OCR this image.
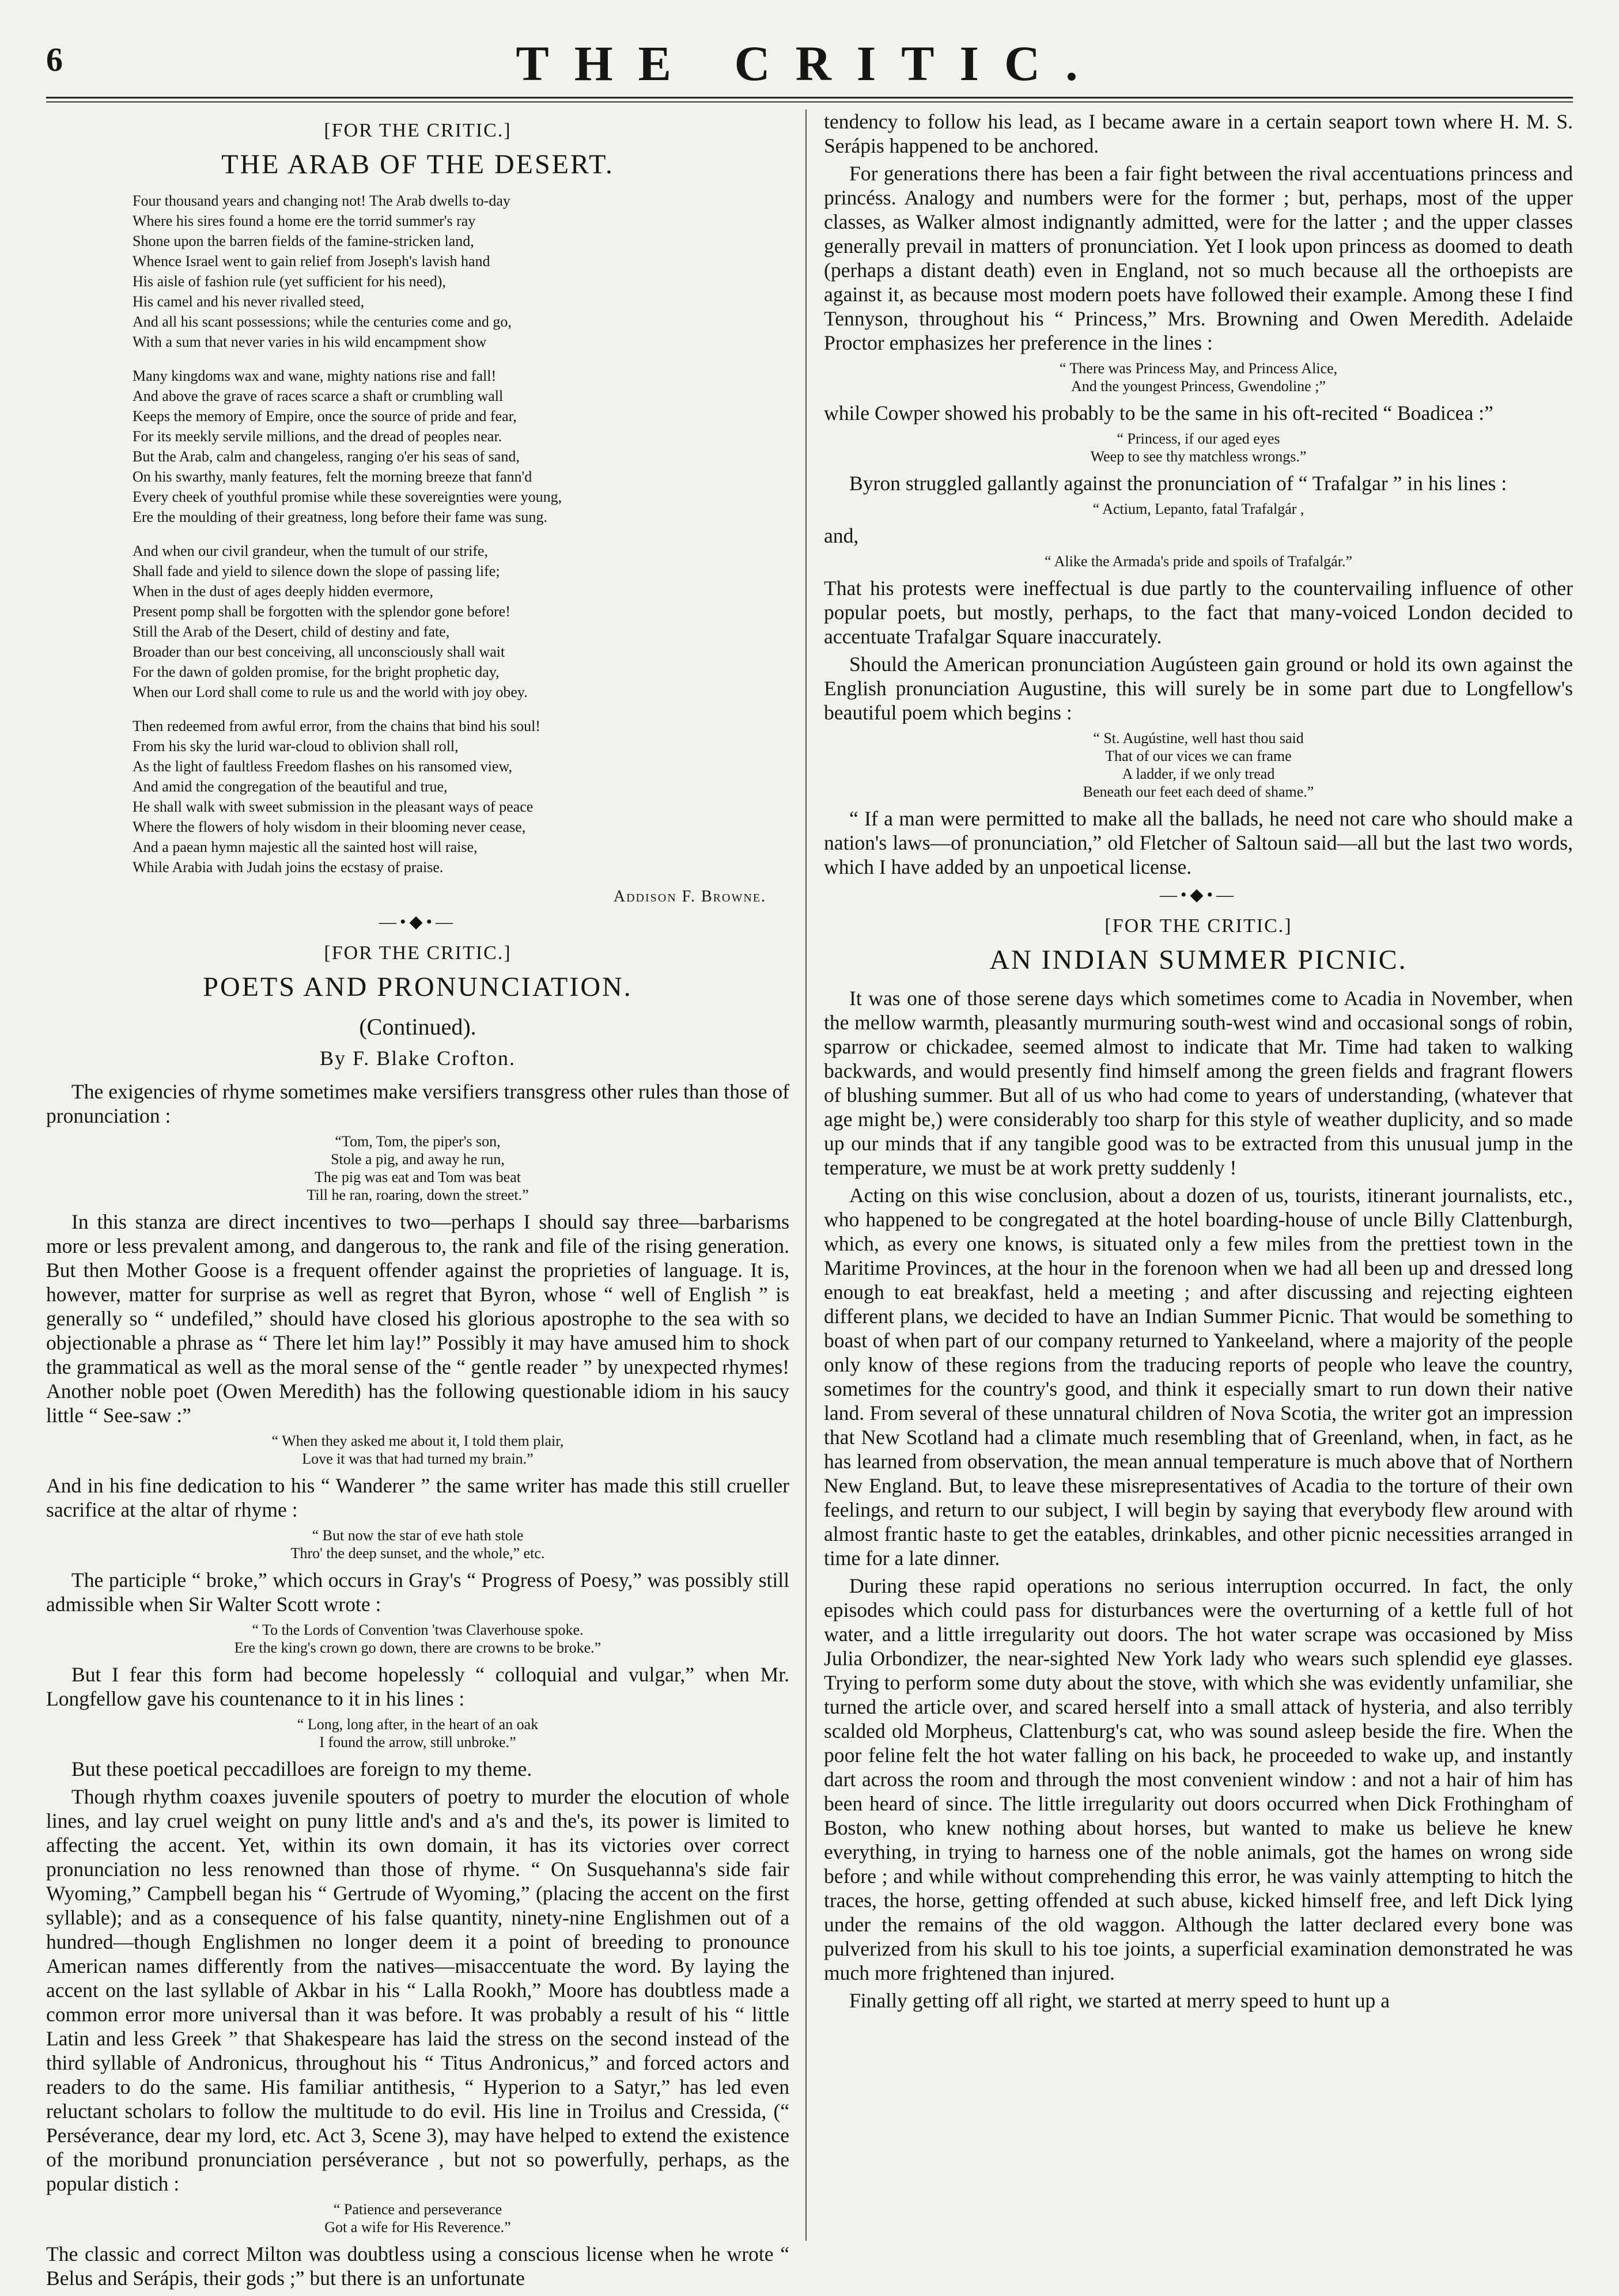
6	THE CRITIC.
[FOR THE CRITIC.]
THE ARAB OF THE DESERT.
Four thousand years and changing not! The Arab dwells to-day
Where his sires found a home ere the torrid summer's ray
Shone upon the barren fields of the famine-stricken land,
Whence Israel went to gain relief from Joseph's lavish hand
His aisle of fashion rule (yet sufficient for his need),
His camel and his never rivalled steed,
And all his scant possessions; while the centuries come and go,
With a sum that never varies in his wild encampment show
Many kingdoms wax and wane, mighty nations rise and fall!
And above the grave of races scarce a shaft or crumbling wall
Keeps the memory of Empire, once the source of pride and fear,
For its meekly servile millions, and the dread of peoples near.
But the Arab, calm and changeless, ranging o'er his seas of sand,
On his swarthy, manly features, felt the morning breeze that fann'd
Every cheek of youthful promise while these sovereignties were young,
Ere the moulding of their greatness, long before their fame was sung.
And when our civil grandeur, when the tumult of our strife,
Shall fade and yield to silence down the slope of passing life;
When in the dust of ages deeply hidden evermore,
Present pomp shall be forgotten with the splendor gone before!
Still the Arab of the Desert, child of destiny and fate,
Broader than our best conceiving, all unconsciously shall wait
For the dawn of golden promise, for the bright prophetic day,
When our Lord shall come to rule us and the world with joy obey.
Then redeemed from awful error, from the chains that bind his soul!
From his sky the lurid war-cloud to oblivion shall roll,
As the light of faultless Freedom flashes on his ransomed view,
And amid the congregation of the beautiful and true,
He shall walk with sweet submission in the pleasant ways of peace
Where the flowers of holy wisdom in their blooming never cease,
And a paean hymn majestic all the sainted host will raise,
While Arabia with Judah joins the ecstasy of praise.
Addison F. Browne.
—•◆•—
[FOR THE CRITIC.]
POETS AND PRONUNCIATION.
(Continued).
By F. Blake Crofton.

The exigencies of rhyme sometimes make versifiers transgress other rules than those of pronunciation :

“Tom, Tom, the piper's son,
Stole a pig, and away he run,
The pig was eat and Tom was beat
Till he ran, roaring, down the street.”

In this stanza are direct incentives to two—perhaps I should say three—barbarisms more or less prevalent among, and dangerous to, the rank and file of the rising generation. But then Mother Goose is a frequent offender against the proprieties of language. It is, however, matter for surprise as well as regret that Byron, whose “ well of English ” is generally so “ undefiled,” should have closed his glorious apostrophe to the sea with so objectionable a phrase as “ There let him lay!” Possibly it may have amused him to shock the grammatical as well as the moral sense of the “ gentle reader ” by unexpected rhymes! Another noble poet (Owen Meredith) has the following questionable idiom in his saucy little “ See-saw :”

“ When they asked me about it, I told them plair,
Love it was that had turned my brain.”

And in his fine dedication to his “ Wanderer ” the same writer has made this still crueller sacrifice at the altar of rhyme :

“ But now the star of eve hath stole
Thro' the deep sunset, and the whole,” etc.

The participle “ broke,” which occurs in Gray's “ Progress of Poesy,” was possibly still admissible when Sir Walter Scott wrote :

“ To the Lords of Convention 'twas Claverhouse spoke.
Ere the king's crown go down, there are crowns to be broke.”

But I fear this form had become hopelessly “ colloquial and vulgar,” when Mr. Longfellow gave his countenance to it in his lines :

“ Long, long after, in the heart of an oak
I found the arrow, still unbroke.”

But these poetical peccadilloes are foreign to my theme.

Though rhythm coaxes juvenile spouters of poetry to murder the elocution of whole lines, and lay cruel weight on puny little and's and a's and the's, its power is limited to affecting the accent. Yet, within its own domain, it has its victories over correct pronunciation no less renowned than those of rhyme. “ On Susquehanna's side fair Wyoming,” Campbell began his “ Gertrude of Wyoming,” (placing the accent on the first syllable); and as a consequence of his false quantity, ninety-nine Englishmen out of a hundred—though Englishmen no longer deem it a point of breeding to pronounce American names differently from the natives—misaccentuate the word. By laying the accent on the last syllable of Akbar in his “ Lalla Rookh,” Moore has doubtless made a common error more universal than it was before. It was probably a result of his “ little Latin and less Greek ” that Shakespeare has laid the stress on the second instead of the third syllable of Andronicus, throughout his “ Titus Andronicus,” and forced actors and readers to do the same. His familiar antithesis, “ Hyperion to a Satyr,” has led even reluctant scholars to follow the multitude to do evil. His line in Troilus and Cressida, (“ Perséverance, dear my lord, etc. Act 3, Scene 3), may have helped to extend the existence of the moribund pronunciation perséverance , but not so powerfully, perhaps, as the popular distich :

“ Patience and perseverance
Got a wife for His Reverence.”

The classic and correct Milton was doubtless using a conscious license when he wrote “ Belus and Serápis, their gods ;” but there is an unfortunate

tendency to follow his lead, as I became aware in a certain seaport town where H. M. S. Serápis happened to be anchored.

For generations there has been a fair fight between the rival accentuations princess and princéss. Analogy and numbers were for the former ; but, perhaps, most of the upper classes, as Walker almost indignantly admitted, were for the latter ; and the upper classes generally prevail in matters of pronunciation. Yet I look upon princess as doomed to death (perhaps a distant death) even in England, not so much because all the orthoepists are against it, as because most modern poets have followed their example. Among these I find Tennyson, throughout his “ Princess,” Mrs. Browning and Owen Meredith. Adelaide Proctor emphasizes her preference in the lines :

“ There was Princess May, and Princess Alice,
And the youngest Princess, Gwendoline ;”

while Cowper showed his probably to be the same in his oft-recited “ Boadicea :”

“ Princess, if our aged eyes
Weep to see thy matchless wrongs.”

Byron struggled gallantly against the pronunciation of “ Trafalgar ” in his lines :

“ Actium, Lepanto, fatal Trafalgár ,

and,

“ Alike the Armada's pride and spoils of Trafalgár.”

That his protests were ineffectual is due partly to the countervailing influence of other popular poets, but mostly, perhaps, to the fact that many-voiced London decided to accentuate Trafalgar Square inaccurately.

Should the American pronunciation Augústeen gain ground or hold its own against the English pronunciation Augustine, this will surely be in some part due to Longfellow's beautiful poem which begins :

“ St. Augústine, well hast thou said
That of our vices we can frame
A ladder, if we only tread
Beneath our feet each deed of shame.”

“ If a man were permitted to make all the ballads, he need not care who should make a nation's laws—of pronunciation,” old Fletcher of Saltoun said—all but the last two words, which I have added by an unpoetical license.

—•◆•—
[FOR THE CRITIC.]
AN INDIAN SUMMER PICNIC.

It was one of those serene days which sometimes come to Acadia in November, when the mellow warmth, pleasantly murmuring south-west wind and occasional songs of robin, sparrow or chickadee, seemed almost to indicate that Mr. Time had taken to walking backwards, and would presently find himself among the green fields and fragrant flowers of blushing summer. But all of us who had come to years of understanding, (whatever that age might be,) were considerably too sharp for this style of weather duplicity, and so made up our minds that if any tangible good was to be extracted from this unusual jump in the temperature, we must be at work pretty suddenly !

Acting on this wise conclusion, about a dozen of us, tourists, itinerant journalists, etc., who happened to be congregated at the hotel boarding-house of uncle Billy Clattenburgh, which, as every one knows, is situated only a few miles from the prettiest town in the Maritime Provinces, at the hour in the forenoon when we had all been up and dressed long enough to eat breakfast, held a meeting ; and after discussing and rejecting eighteen different plans, we decided to have an Indian Summer Picnic. That would be something to boast of when part of our company returned to Yankeeland, where a majority of the people only know of these regions from the traducing reports of people who leave the country, sometimes for the country's good, and think it especially smart to run down their native land. From several of these unnatural children of Nova Scotia, the writer got an impression that New Scotland had a climate much resembling that of Greenland, when, in fact, as he has learned from observation, the mean annual temperature is much above that of Northern New England. But, to leave these misrepresentatives of Acadia to the torture of their own feelings, and return to our subject, I will begin by saying that everybody flew around with almost frantic haste to get the eatables, drinkables, and other picnic necessities arranged in time for a late dinner.

During these rapid operations no serious interruption occurred. In fact, the only episodes which could pass for disturbances were the overturning of a kettle full of hot water, and a little irregularity out doors. The hot water scrape was occasioned by Miss Julia Orbondizer, the near-sighted New York lady who wears such splendid eye glasses. Trying to perform some duty about the stove, with which she was evidently unfamiliar, she turned the article over, and scared herself into a small attack of hysteria, and also terribly scalded old Morpheus, Clattenburg's cat, who was sound asleep beside the fire. When the poor feline felt the hot water falling on his back, he proceeded to wake up, and instantly dart across the room and through the most convenient window : and not a hair of him has been heard of since. The little irregularity out doors occurred when Dick Frothingham of Boston, who knew nothing about horses, but wanted to make us believe he knew everything, in trying to harness one of the noble animals, got the hames on wrong side before ; and while without comprehending this error, he was vainly attempting to hitch the traces, the horse, getting offended at such abuse, kicked himself free, and left Dick lying under the remains of the old waggon. Although the latter declared every bone was pulverized from his skull to his toe joints, a superficial examination demonstrated he was much more frightened than injured.

Finally getting off all right, we started at merry speed to hunt up a
